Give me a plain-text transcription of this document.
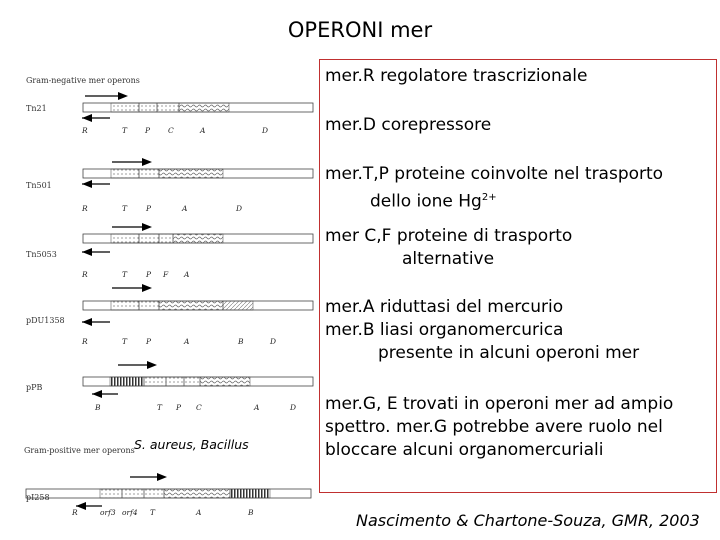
OPERONI mer
Gram-negative mer operons
Gram-positive mer operons S. aureus, Bacillus
Tn21
Tn501
Tn5053
pDU1358
pPB
pI258
R	T P C	A	D
R	T	P	A	D
R	T	P F A
R	T	P	A	B	D
B	T P C	A	D
R	orf3 orf4 T	A	B
mer.R regolatore trascrizionale
mer.D corepressore
mer.T,P proteine coinvolte nel trasporto
dello ione $Hg^{2+}$
mer C,F proteine di trasporto
alternative
mer.A riduttasi del mercurio
mer.B liasi organomercurica
presente in alcuni operoni mer
mer.G, E trovati in operoni mer ad ampio
spettro. mer.G potrebbe avere ruolo nel
bloccare alcuni organomercuriali
Nascimento & Chartone-Souza, GMR, 2003
